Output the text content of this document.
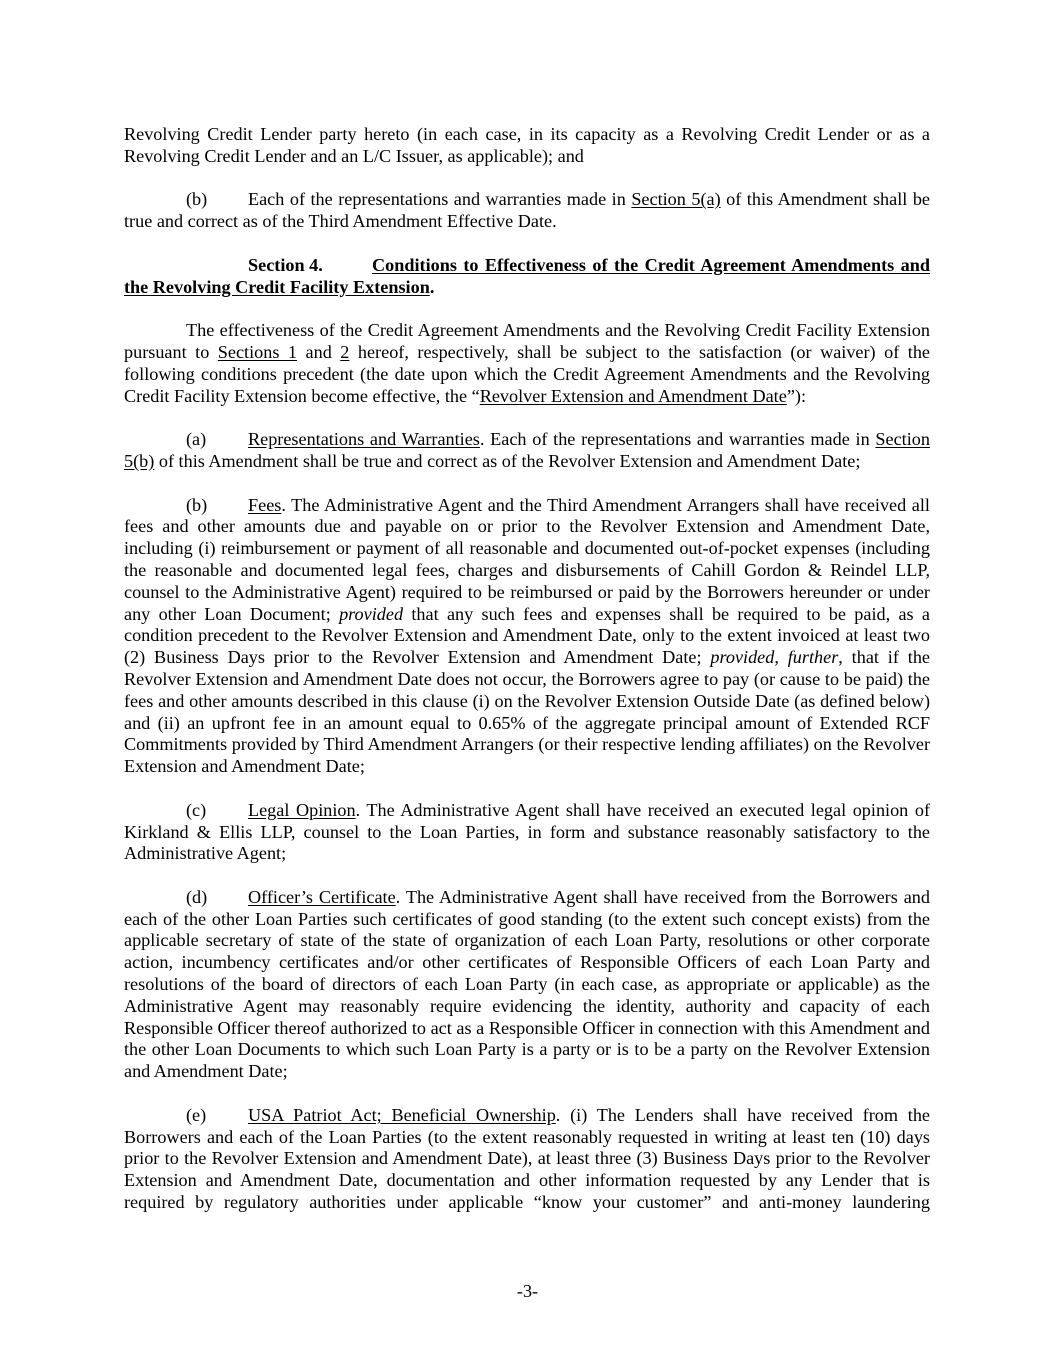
Revolving Credit Lender party hereto (in each case, in its capacity as a Revolving Credit Lender or as a Revolving Credit Lender and an L/C Issuer, as applicable); and

(b) Each of the representations and warranties made in Section 5(a) of this Amendment shall be true and correct as of the Third Amendment Effective Date.

Section 4.	Conditions to Effectiveness of the Credit Agreement Amendments and the Revolving Credit Facility Extension.

The effectiveness of the Credit Agreement Amendments and the Revolving Credit Facility Extension pursuant to Sections 1 and 2 hereof, respectively, shall be subject to the satisfaction (or waiver) of the following conditions precedent (the date upon which the Credit Agreement Amendments and the Revolving Credit Facility Extension become effective, the “Revolver Extension and Amendment Date”):

(a) Representations and Warranties. Each of the representations and warranties made in Section 5(b) of this Amendment shall be true and correct as of the Revolver Extension and Amendment Date;

(b) Fees. The Administrative Agent and the Third Amendment Arrangers shall have received all fees and other amounts due and payable on or prior to the Revolver Extension and Amendment Date, including (i) reimbursement or payment of all reasonable and documented out-of-pocket expenses (including the reasonable and documented legal fees, charges and disbursements of Cahill Gordon & Reindel LLP, counsel to the Administrative Agent) required to be reimbursed or paid by the Borrowers hereunder or under any other Loan Document; provided that any such fees and expenses shall be required to be paid, as a condition precedent to the Revolver Extension and Amendment Date, only to the extent invoiced at least two (2) Business Days prior to the Revolver Extension and Amendment Date; provided, further, that if the Revolver Extension and Amendment Date does not occur, the Borrowers agree to pay (or cause to be paid) the fees and other amounts described in this clause (i) on the Revolver Extension Outside Date (as defined below) and (ii) an upfront fee in an amount equal to 0.65% of the aggregate principal amount of Extended RCF Commitments provided by Third Amendment Arrangers (or their respective lending affiliates) on the Revolver Extension and Amendment Date;

(c) Legal Opinion. The Administrative Agent shall have received an executed legal opinion of Kirkland & Ellis LLP, counsel to the Loan Parties, in form and substance reasonably satisfactory to the Administrative Agent;

(d) Officer’s Certificate. The Administrative Agent shall have received from the Borrowers and each of the other Loan Parties such certificates of good standing (to the extent such concept exists) from the applicable secretary of state of the state of organization of each Loan Party, resolutions or other corporate action, incumbency certificates and/or other certificates of Responsible Officers of each Loan Party and resolutions of the board of directors of each Loan Party (in each case, as appropriate or applicable) as the Administrative Agent may reasonably require evidencing the identity, authority and capacity of each Responsible Officer thereof authorized to act as a Responsible Officer in connection with this Amendment and the other Loan Documents to which such Loan Party is a party or is to be a party on the Revolver Extension and Amendment Date;

(e) USA Patriot Act; Beneficial Ownership. (i) The Lenders shall have received from the Borrowers and each of the Loan Parties (to the extent reasonably requested in writing at least ten (10) days prior to the Revolver Extension and Amendment Date), at least three (3) Business Days prior to the Revolver Extension and Amendment Date, documentation and other information requested by any Lender that is required by regulatory authorities under applicable “know your customer” and anti-money laundering

-3-
